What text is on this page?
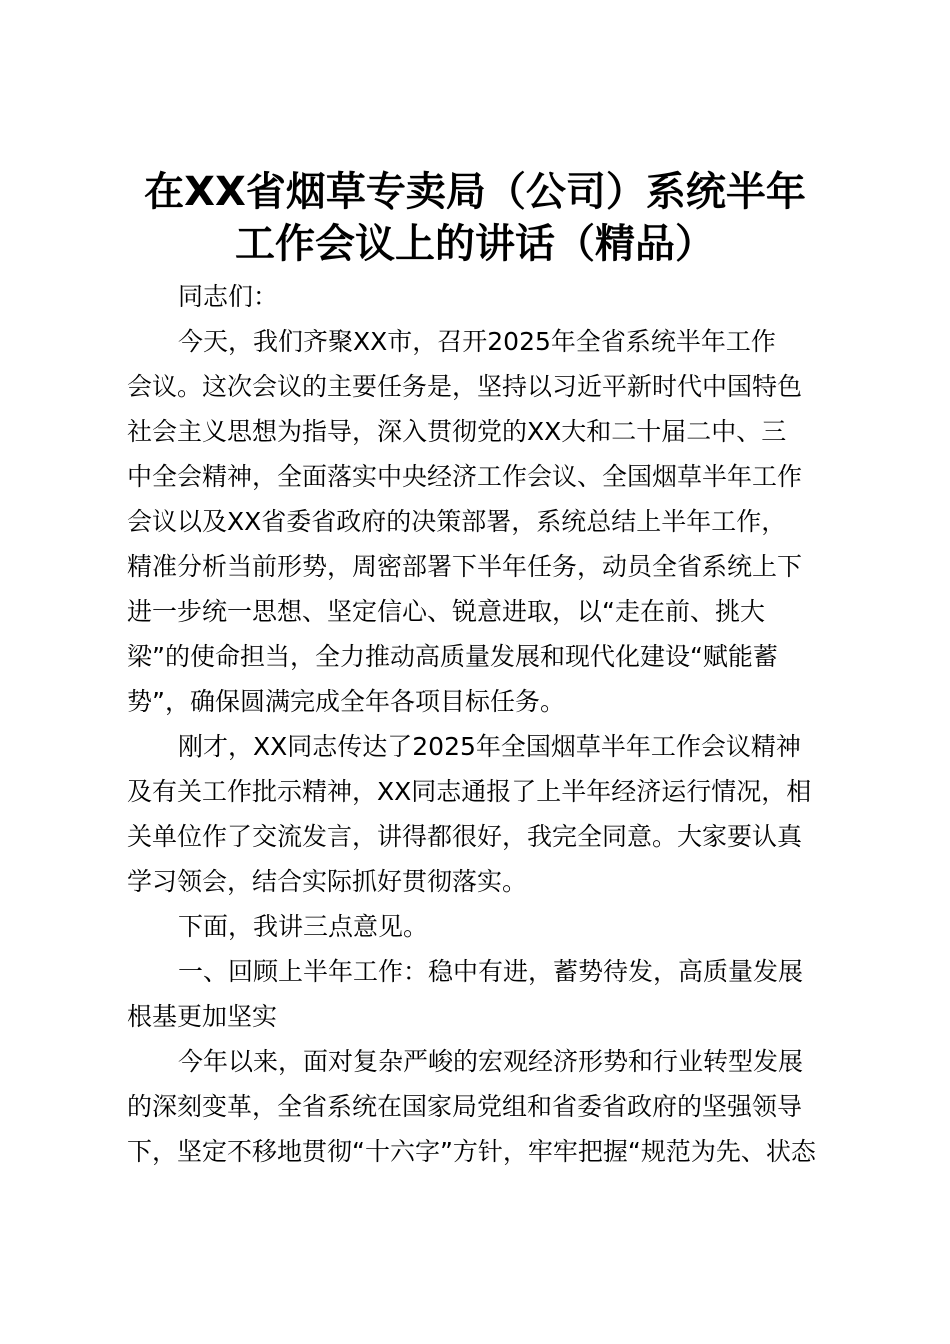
在XX省烟草专卖局（公司）系统半年
工作会议上的讲话（精品）
同志们：
今天，我们齐聚XX市，召开2025年全省系统半年工作
会议。这次会议的主要任务是，坚持以习近平新时代中国特色
社会主义思想为指导，深入贯彻党的XX大和二十届二中、三
中全会精神，全面落实中央经济工作会议、全国烟草半年工作
会议以及XX省委省政府的决策部署，系统总结上半年工作，
精准分析当前形势，周密部署下半年任务，动员全省系统上下
进一步统一思想、坚定信心、锐意进取，以“走在前、挑大
梁”的使命担当，全力推动高质量发展和现代化建设“赋能蓄
势”，确保圆满完成全年各项目标任务。
刚才，XX同志传达了2025年全国烟草半年工作会议精神
及有关工作批示精神，XX同志通报了上半年经济运行情况，相
关单位作了交流发言，讲得都很好，我完全同意。大家要认真
学习领会，结合实际抓好贯彻落实。
下面，我讲三点意见。
一、回顾上半年工作：稳中有进，蓄势待发，高质量发展
根基更加坚实
今年以来，面对复杂严峻的宏观经济形势和行业转型发展
的深刻变革，全省系统在国家局党组和省委省政府的坚强领导
下，坚定不移地贯彻“十六字”方针，牢牢把握“规范为先、状态
